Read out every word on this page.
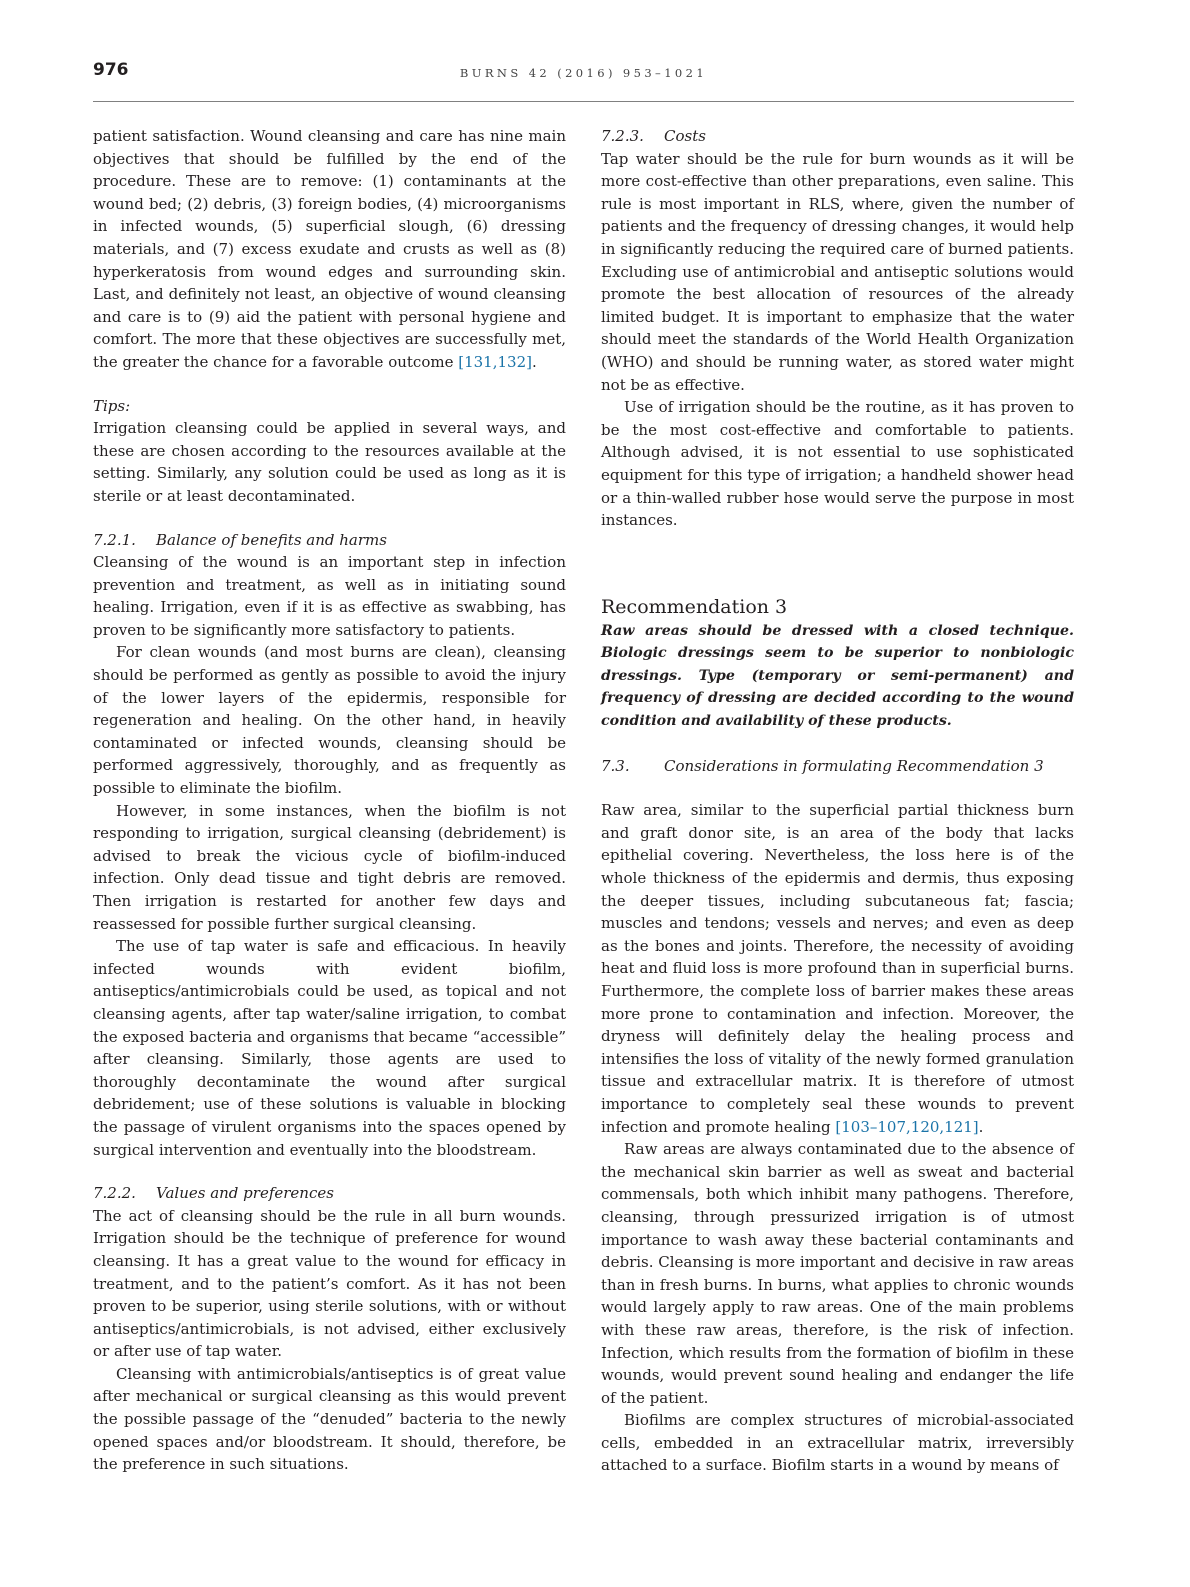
976	BURNS 42 (2016) 953–1021

patient satisfaction. Wound cleansing and care has nine main objectives that should be fulfilled by the end of the procedure. These are to remove: (1) contaminants at the wound bed; (2) debris, (3) foreign bodies, (4) microorganisms in infected wounds, (5) superficial slough, (6) dressing materials, and (7) excess exudate and crusts as well as (8) hyperkeratosis from wound edges and surrounding skin. Last, and definitely not least, an objective of wound cleansing and care is to (9) aid the patient with personal hygiene and comfort. The more that these objectives are successfully met, the greater the chance for a favorable outcome [131,132].

Tips:

Irrigation cleansing could be applied in several ways, and these are chosen according to the resources available at the setting. Similarly, any solution could be used as long as it is sterile or at least decontaminated.

7.2.1. Balance of benefits and harms

Cleansing of the wound is an important step in infection prevention and treatment, as well as in initiating sound healing. Irrigation, even if it is as effective as swabbing, has proven to be significantly more satisfactory to patients.

For clean wounds (and most burns are clean), cleansing should be performed as gently as possible to avoid the injury of the lower layers of the epidermis, responsible for regeneration and healing. On the other hand, in heavily contaminated or infected wounds, cleansing should be performed aggressively, thoroughly, and as frequently as possible to eliminate the biofilm.

However, in some instances, when the biofilm is not responding to irrigation, surgical cleansing (debridement) is advised to break the vicious cycle of biofilm-induced infection. Only dead tissue and tight debris are removed. Then irrigation is restarted for another few days and reassessed for possible further surgical cleansing.

The use of tap water is safe and efficacious. In heavily infected wounds with evident biofilm, antiseptics/antimicrobials could be used, as topical and not cleansing agents, after tap water/saline irrigation, to combat the exposed bacteria and organisms that became “accessible” after cleansing. Similarly, those agents are used to thoroughly decontaminate the wound after surgical debridement; use of these solutions is valuable in blocking the passage of virulent organisms into the spaces opened by surgical intervention and eventually into the bloodstream.

7.2.2. Values and preferences

The act of cleansing should be the rule in all burn wounds. Irrigation should be the technique of preference for wound cleansing. It has a great value to the wound for efficacy in treatment, and to the patient’s comfort. As it has not been proven to be superior, using sterile solutions, with or without antiseptics/antimicrobials, is not advised, either exclusively or after use of tap water.

Cleansing with antimicrobials/antiseptics is of great value after mechanical or surgical cleansing as this would prevent the possible passage of the “denuded” bacteria to the newly opened spaces and/or bloodstream. It should, therefore, be the preference in such situations.

7.2.3. Costs

Tap water should be the rule for burn wounds as it will be more cost-effective than other preparations, even saline. This rule is most important in RLS, where, given the number of patients and the frequency of dressing changes, it would help in significantly reducing the required care of burned patients. Excluding use of antimicrobial and antiseptic solutions would promote the best allocation of resources of the already limited budget. It is important to emphasize that the water should meet the standards of the World Health Organization (WHO) and should be running water, as stored water might not be as effective.

Use of irrigation should be the routine, as it has proven to be the most cost-effective and comfortable to patients. Although advised, it is not essential to use sophisticated equipment for this type of irrigation; a handheld shower head or a thin-walled rubber hose would serve the purpose in most instances.

Recommendation 3

Raw areas should be dressed with a closed technique. Biologic dressings seem to be superior to nonbiologic dressings. Type (temporary or semi-permanent) and frequency of dressing are decided according to the wound condition and availability of these products.

7.3. Considerations in formulating Recommendation 3

Raw area, similar to the superficial partial thickness burn and graft donor site, is an area of the body that lacks epithelial covering. Nevertheless, the loss here is of the whole thickness of the epidermis and dermis, thus exposing the deeper tissues, including subcutaneous fat; fascia; muscles and tendons; vessels and nerves; and even as deep as the bones and joints. Therefore, the necessity of avoiding heat and fluid loss is more profound than in superficial burns. Furthermore, the complete loss of barrier makes these areas more prone to contamination and infection. Moreover, the dryness will definitely delay the healing process and intensifies the loss of vitality of the newly formed granulation tissue and extracellular matrix. It is therefore of utmost importance to completely seal these wounds to prevent infection and promote healing [103–107,120,121].

Raw areas are always contaminated due to the absence of the mechanical skin barrier as well as sweat and bacterial commensals, both which inhibit many pathogens. Therefore, cleansing, through pressurized irrigation is of utmost importance to wash away these bacterial contaminants and debris. Cleansing is more important and decisive in raw areas than in fresh burns. In burns, what applies to chronic wounds would largely apply to raw areas. One of the main problems with these raw areas, therefore, is the risk of infection. Infection, which results from the formation of biofilm in these wounds, would prevent sound healing and endanger the life of the patient.

Biofilms are complex structures of microbial-associated cells, embedded in an extracellular matrix, irreversibly attached to a surface. Biofilm starts in a wound by means of
